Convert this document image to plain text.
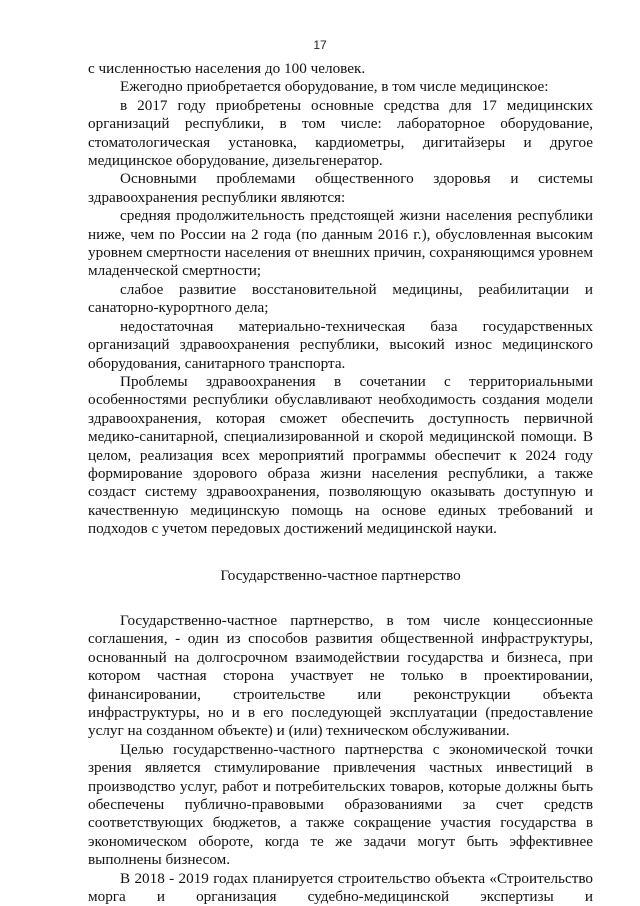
17

с численностью населения до 100 человек.

Ежегодно приобретается оборудование, в том числе медицинское:

в 2017 году приобретены основные средства для 17 медицинских организаций республики, в том числе: лабораторное оборудование, стоматологическая установка, кардиометры, дигитайзеры и другое медицинское оборудование, дизельгенератор.

Основными проблемами общественного здоровья и системы здравоохранения республики являются:

средняя продолжительность предстоящей жизни населения республики ниже, чем по России на 2 года (по данным 2016 г.), обусловленная высоким уровнем смертности населения от внешних причин, сохраняющимся уровнем младенческой смертности;

слабое развитие восстановительной медицины, реабилитации и санаторно-курортного дела;

недостаточная материально-техническая база государственных организаций здравоохранения республики, высокий износ медицинского оборудования, санитарного транспорта.

Проблемы здравоохранения в сочетании с территориальными особенностями республики обуславливают необходимость создания модели здравоохранения, которая сможет обеспечить доступность первичной медико-санитарной, специализированной и скорой медицинской помощи. В целом, реализация всех мероприятий программы обеспечит к 2024 году формирование здорового образа жизни населения республики, а также создаст систему здравоохранения, позволяющую оказывать доступную и качественную медицинскую помощь на основе единых требований и подходов с учетом передовых достижений медицинской науки.

Государственно-частное партнерство

Государственно-частное партнерство, в том числе концессионные соглашения, - один из способов развития общественной инфраструктуры, основанный на долгосрочном взаимодействии государства и бизнеса, при котором частная сторона участвует не только в проектировании, финансировании, строительстве или реконструкции объекта инфраструктуры, но и в его последующей эксплуатации (предоставление услуг на созданном объекте) и (или) техническом обслуживании.

Целью государственно-частного партнерства с экономической точки зрения является стимулирование привлечения частных инвестиций в производство услуг, работ и потребительских товаров, которые должны быть обеспечены публично-правовыми образованиями за счет средств соответствующих бюджетов, а также сокращение участия государства в экономическом обороте, когда те же задачи могут быть эффективнее выполнены бизнесом.

В 2018 - 2019 годах планируется строительство объекта «Строительство морга и организация судебно-медицинской экспертизы и
